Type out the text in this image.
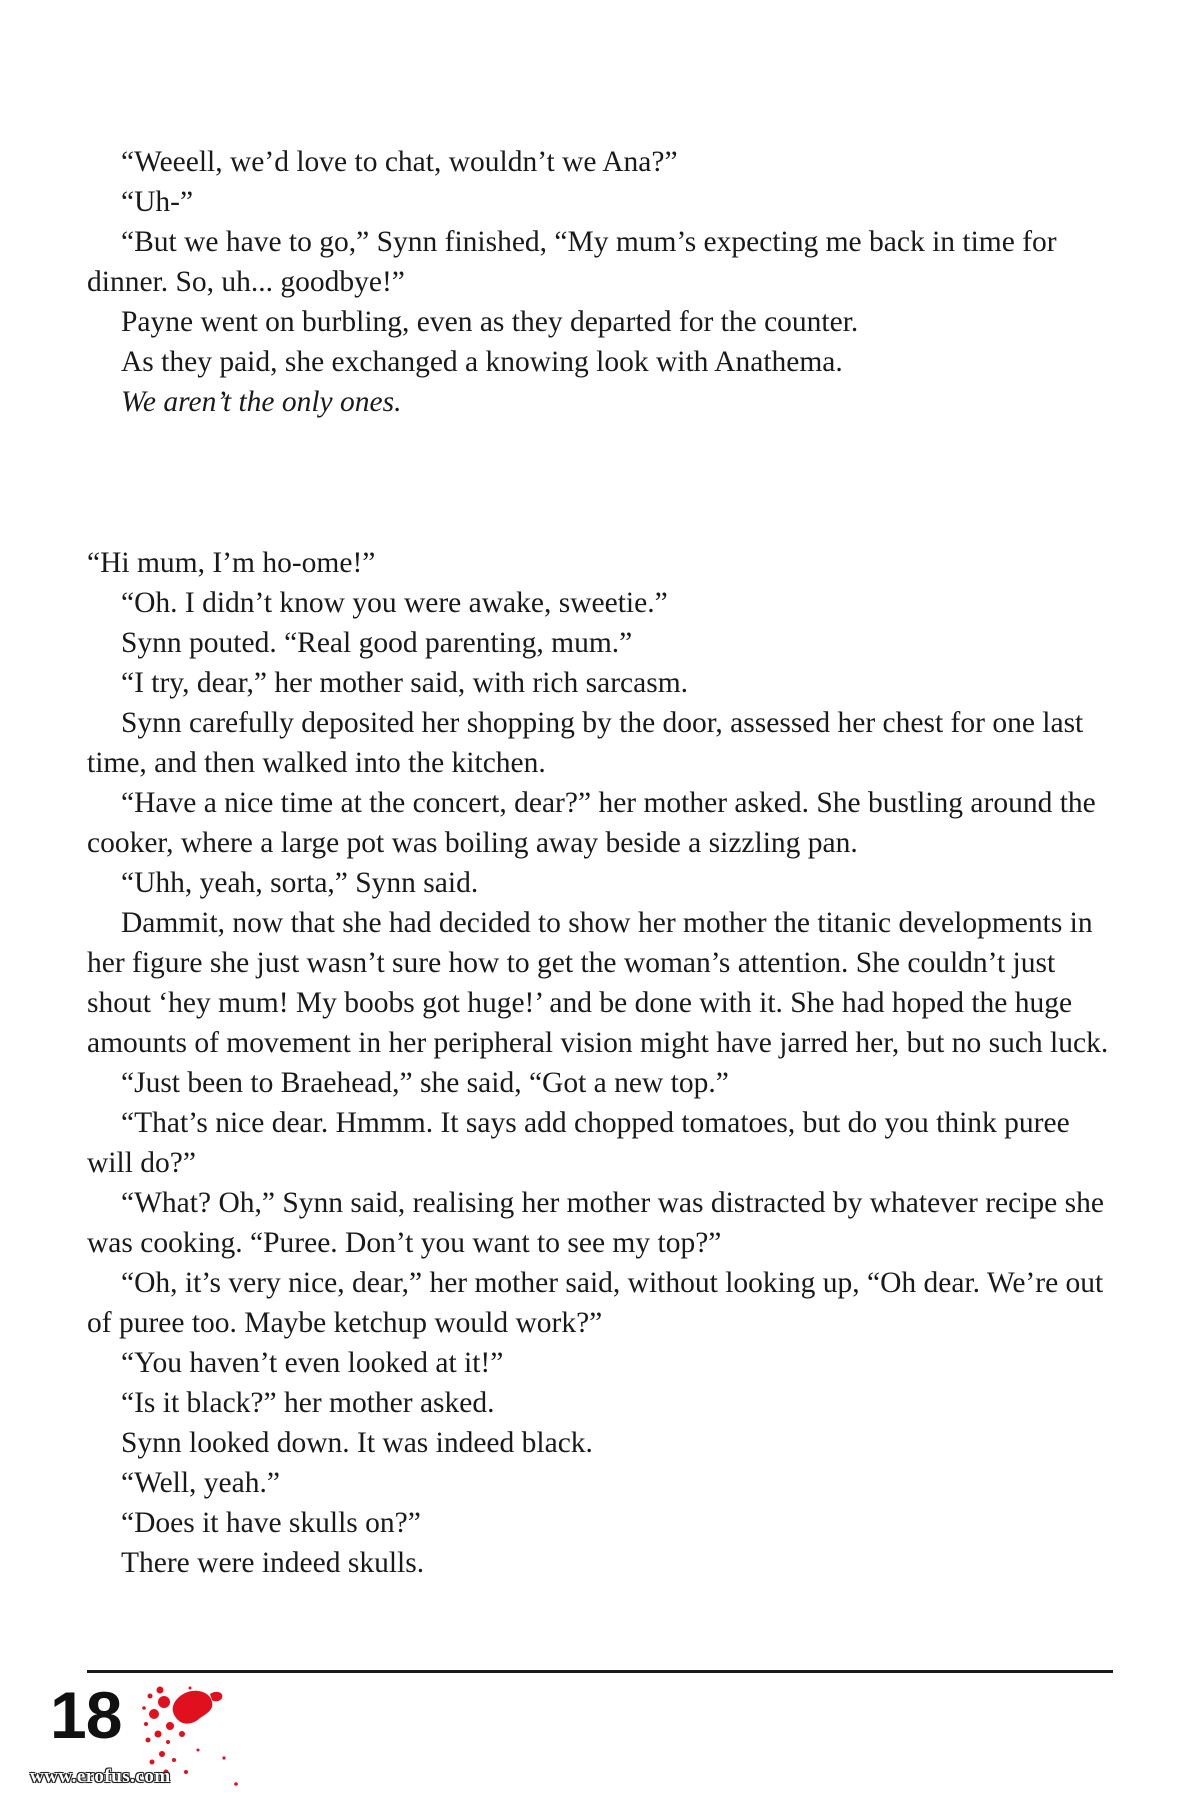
“Weeell, we’d love to chat, wouldn’t we Ana?”

“Uh-”

“But we have to go,” Synn finished, “My mum’s expecting me back in time for dinner. So, uh... goodbye!”

Payne went on burbling, even as they departed for the counter.

As they paid, she exchanged a knowing look with Anathema.

We aren’t the only ones.

“Hi mum, I’m ho-ome!”

“Oh. I didn’t know you were awake, sweetie.”

Synn pouted. “Real good parenting, mum.”

“I try, dear,” her mother said, with rich sarcasm.

Synn carefully deposited her shopping by the door, assessed her chest for one last time, and then walked into the kitchen.

“Have a nice time at the concert, dear?” her mother asked. She bustling around the cooker, where a large pot was boiling away beside a sizzling pan.

“Uhh, yeah, sorta,” Synn said.

Dammit, now that she had decided to show her mother the titanic developments in her figure she just wasn’t sure how to get the woman’s attention. She couldn’t just shout ‘hey mum! My boobs got huge!’ and be done with it. She had hoped the huge amounts of movement in her peripheral vision might have jarred her, but no such luck.

“Just been to Braehead,” she said, “Got a new top.”

“That’s nice dear. Hmmm. It says add chopped tomatoes, but do you think puree will do?”

“What? Oh,” Synn said, realising her mother was distracted by whatever recipe she was cooking. “Puree. Don’t you want to see my top?”

“Oh, it’s very nice, dear,” her mother said, without looking up, “Oh dear. We’re out of puree too. Maybe ketchup would work?”

“You haven’t even looked at it!”

“Is it black?” her mother asked.

Synn looked down. It was indeed black.

“Well, yeah.”

“Does it have skulls on?”

There were indeed skulls.

18
www.erofus.com
